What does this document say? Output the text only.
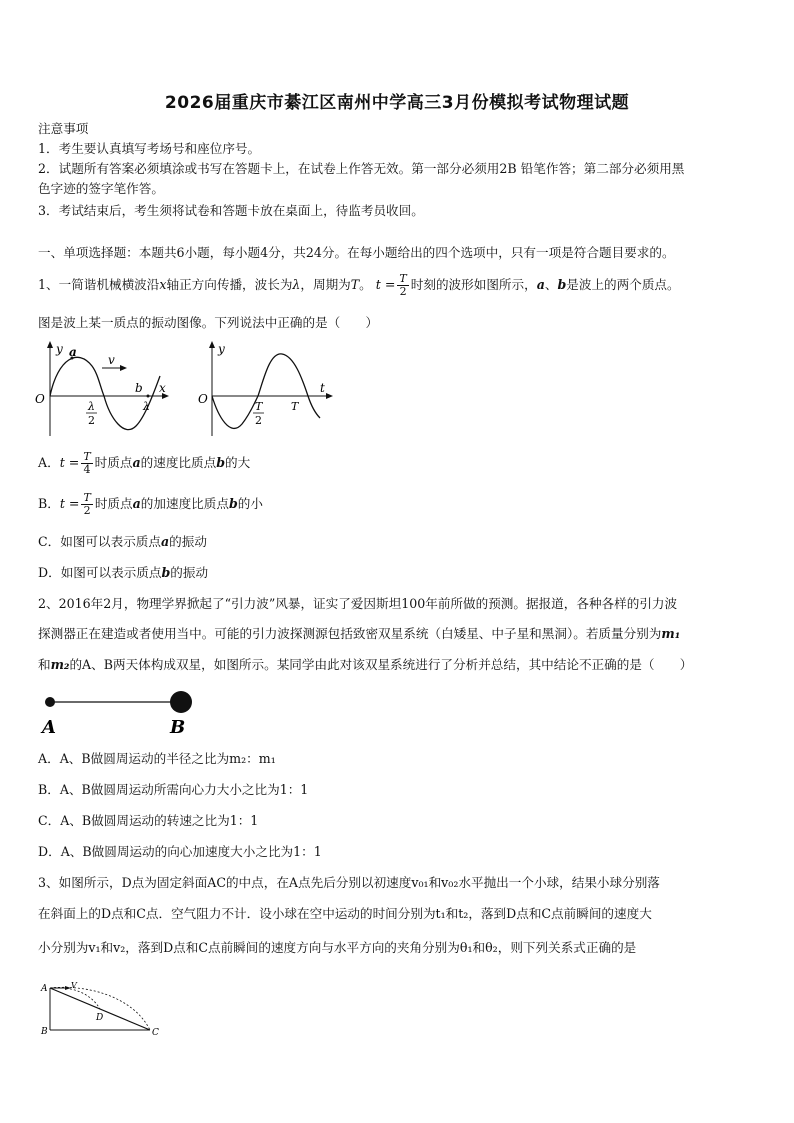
2026届重庆市綦江区南州中学高三3月份模拟考试物理试题
注意事项
1．考生要认真填写考场号和座位序号。
2．试题所有答案必须填涂或书写在答题卡上，在试卷上作答无效。第一部分必须用2B 铅笔作答；第二部分必须用黑
色字迹的签字笔作答。
3．考试结束后，考生须将试卷和答题卡放在桌面上，待监考员收回。
一、单项选择题：本题共6小题，每小题4分，共24分。在每小题给出的四个选项中，只有一项是符合题目要求的。
1、一简谐机械横波沿x轴正方向传播，波长为λ，周期为T。 $t = \frac{T}{2}$ 时刻的波形如图所示，a、b是波上的两个质点。
图是波上某一质点的振动图像。下列说法中正确的是（　　）
y a
v
b x
O
λ
2
λ
y
t
O
T
2
T
A．$t = \frac{T}{4}$ 时质点a的速度比质点b的大
B．$t = \frac{T}{2}$ 时质点a的加速度比质点b的小
C．如图可以表示质点a的振动
D．如图可以表示质点b的振动
2、2016年2月，物理学界掀起了“引力波”风暴，证实了爱因斯坦100年前所做的预测。据报道，各种各样的引力波
探测器正在建造或者使用当中。可能的引力波探测源包括致密双星系统（白矮星、中子星和黑洞）。若质量分别为m₁
和m₂的A、B两天体构成双星，如图所示。某同学由此对该双星系统进行了分析并总结，其中结论不正确的是（　　）
A	B
A．A、B做圆周运动的半径之比为m₂：m₁
B．A、B做圆周运动所需向心力大小之比为1：1
C．A、B做圆周运动的转速之比为1：1
D．A、B做圆周运动的向心加速度大小之比为1：1
3、如图所示，D点为固定斜面AC的中点，在A点先后分别以初速度v₀₁和v₀₂水平抛出一个小球，结果小球分别落
在斜面上的D点和C点．空气阻力不计．设小球在空中运动的时间分别为t₁和t₂，落到D点和C点前瞬间的速度大
小分别为v₁和v₂，落到D点和C点前瞬间的速度方向与水平方向的夹角分别为θ₁和θ₂，则下列关系式正确的是
A	V
D
B	C
